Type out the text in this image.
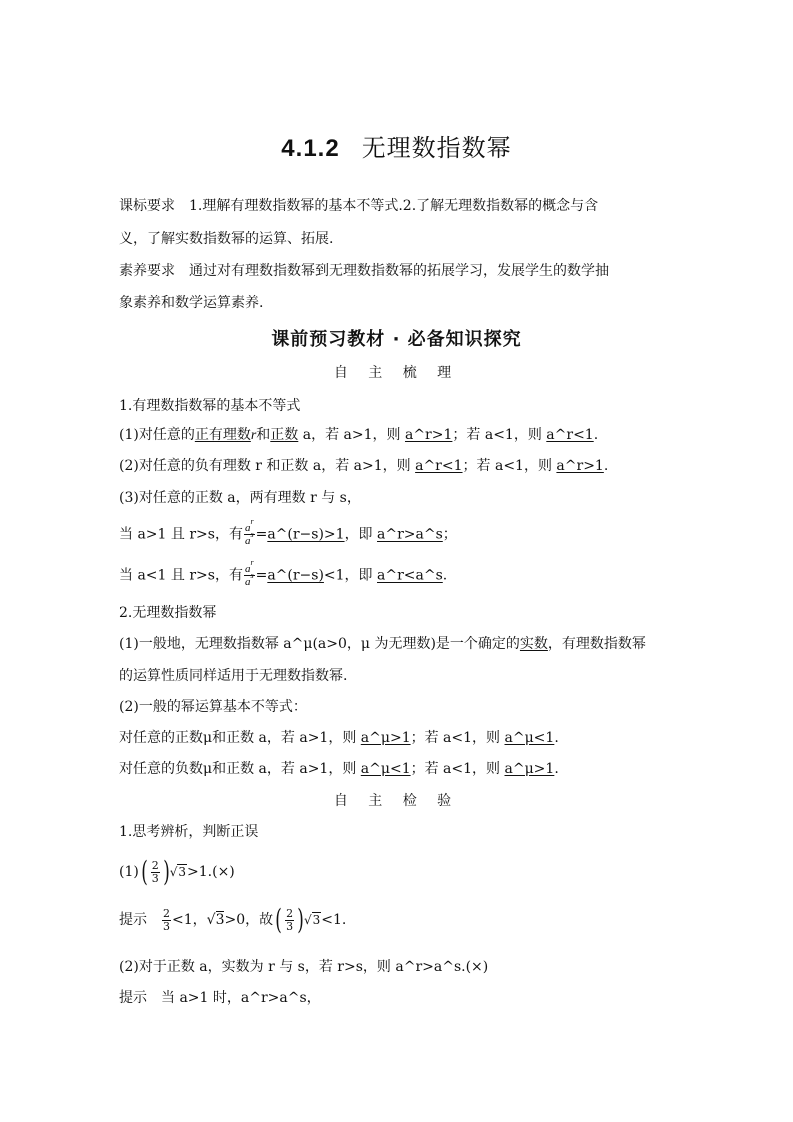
4.1.2 无理数指数幂
课标要求 1.理解有理数指数幂的基本不等式.2.了解无理数指数幂的概念与含
义，了解实数指数幂的运算、拓展.
素养要求 通过对有理数指数幂到无理数指数幂的拓展学习，发展学生的数学抽
象素养和数学运算素养.
课前预习教材 · 必备知识探究
自 主 梳 理
1.有理数指数幂的基本不等式
(1)对任意的正有理数r和正数 a，若 a>1，则 a^r>1；若 a<1，则 a^r<1.
(2)对任意的负有理数 r 和正数 a，若 a>1，则 a^r<1；若 a<1，则 a^r>1.
(3)对任意的正数 a，两有理数 r 与 s，
当 a>1 且 r>s，有 $\frac{a^r}{a^s}$ =a^(r−s)>1，即 a^r>a^s；
当 a<1 且 r>s，有 $\frac{a^r}{a^s}$ =a^(r−s)<1，即 a^r<a^s.
2.无理数指数幂
(1)一般地，无理数指数幂 a^μ(a>0，μ 为无理数)是一个确定的实数，有理数指数幂
的运算性质同样适用于无理数指数幂.
(2)一般的幂运算基本不等式：
对任意的正数μ和正数 a，若 a>1，则 a^μ>1；若 a<1，则 a^μ<1.
对任意的负数μ和正数 a，若 a>1，则 a^μ<1；若 a<1，则 a^μ>1.
自 主 检 验
1.思考辨析，判断正误
$(1)( \frac{2}{3} )√3>1.(\times)$
提示 $\frac{2}{3} <1$，√3>0，故( $\frac{2}{3} )√3<1$.
(2)对于正数 a，实数为 r 与 s，若 r>s，则 a^r>a^s.(×)
提示 当 a>1 时，a^r>a^s，
